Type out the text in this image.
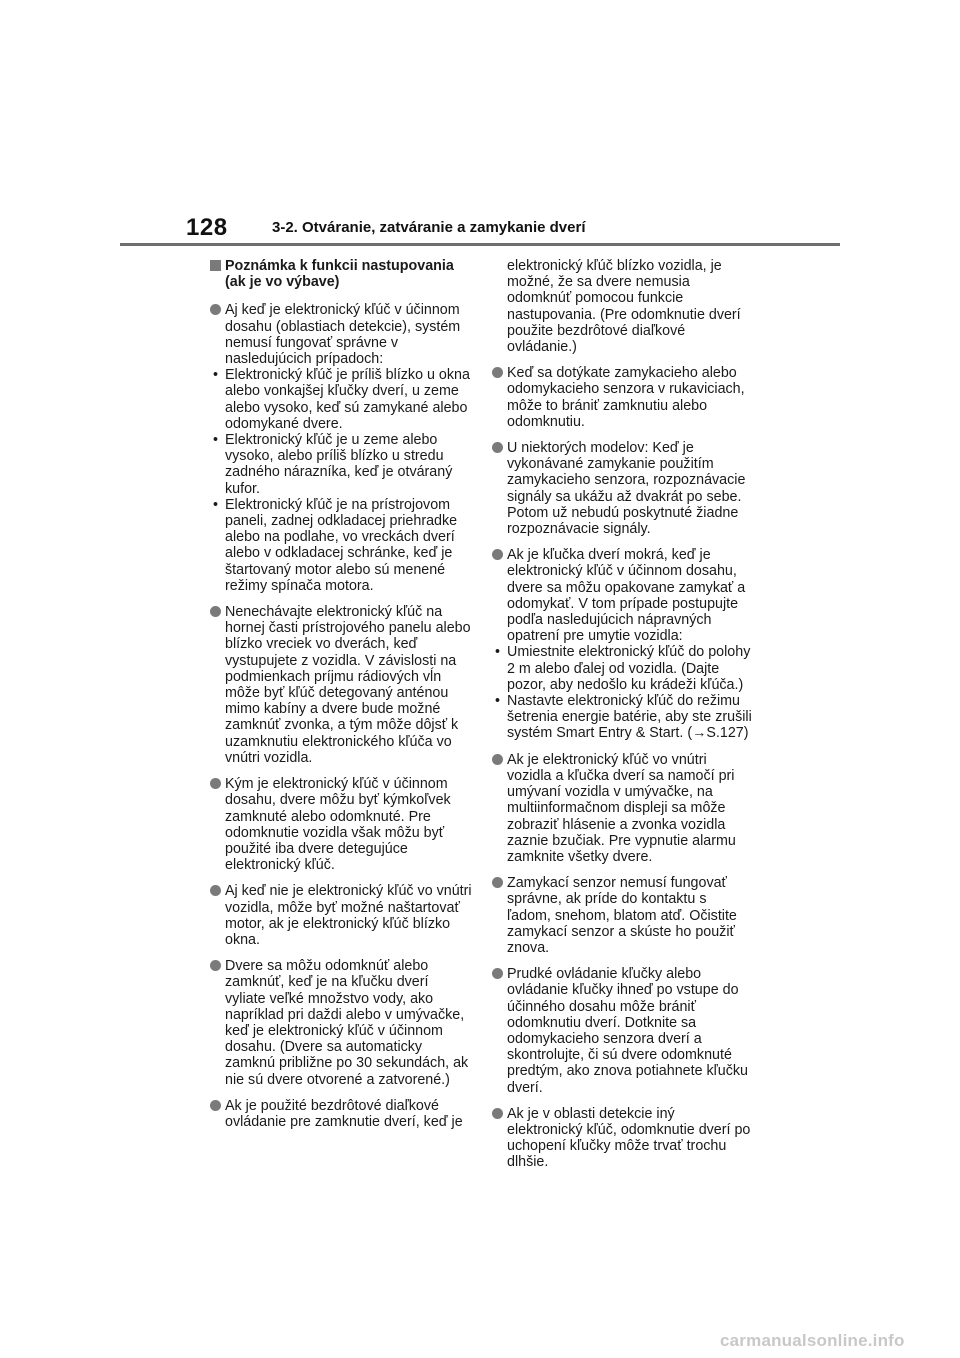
128	3-2. Otváranie, zatváranie a zamykanie dverí
Poznámka k funkcii nastupovania (ak je vo výbave)
Aj keď je elektronický kľúč v účinnom dosahu (oblastiach detekcie), systém nemusí fungovať správne v nasledujúcich prípadoch:
• Elektronický kľúč je príliš blízko u okna alebo vonkajšej kľučky dverí, u zeme alebo vysoko, keď sú zamykané alebo odomykané dvere.
• Elektronický kľúč je u zeme alebo vysoko, alebo príliš blízko u stredu zadného nárazníka, keď je otváraný kufor.
• Elektronický kľúč je na prístrojovom paneli, zadnej odkladacej priehradke alebo na podlahe, vo vreckách dverí alebo v odkladacej schránke, keď je štartovaný motor alebo sú menené režimy spínača motora.
Nenechávajte elektronický kľúč na hornej časti prístrojového panelu alebo blízko vreciek vo dverách, keď vystupujete z vozidla. V závislosti na podmienkach príjmu rádiových vĺn môže byť kľúč detegovaný anténou mimo kabíny a dvere bude možné zamknúť zvonka, a tým môže dôjsť k uzamknutiu elektronického kľúča vo vnútri vozidla.
Kým je elektronický kľúč v účinnom dosahu, dvere môžu byť kýmkoľvek zamknuté alebo odomknuté. Pre odomknutie vozidla však môžu byť použité iba dvere detegujúce elektronický kľúč.
Aj keď nie je elektronický kľúč vo vnútri vozidla, môže byť možné naštartovať motor, ak je elektronický kľúč blízko okna.
Dvere sa môžu odomknúť alebo zamknúť, keď je na kľučku dverí vyliate veľké množstvo vody, ako napríklad pri daždi alebo v umývačke, keď je elektronický kľúč v účinnom dosahu. (Dvere sa automaticky zamknú približne po 30 sekundách, ak nie sú dvere otvorené a zatvorené.)
Ak je použité bezdrôtové diaľkové ovládanie pre zamknutie dverí, keď je
elektronický kľúč blízko vozidla, je možné, že sa dvere nemusia odomknúť pomocou funkcie nastupovania. (Pre odomknutie dverí použite bezdrôtové diaľkové ovládanie.)
Keď sa dotýkate zamykacieho alebo odomykacieho senzora v rukaviciach, môže to brániť zamknutiu alebo odomknutiu.
U niektorých modelov: Keď je vykonávané zamykanie použitím zamykacieho senzora, rozpoznávacie signály sa ukážu až dvakrát po sebe. Potom už nebudú poskytnuté žiadne rozpoznávacie signály.
Ak je kľučka dverí mokrá, keď je elektronický kľúč v účinnom dosahu, dvere sa môžu opakovane zamykať a odomykať. V tom prípade postupujte podľa nasledujúcich nápravných opatrení pre umytie vozidla:
• Umiestnite elektronický kľúč do polohy 2 m alebo ďalej od vozidla. (Dajte pozor, aby nedošlo ku krádeži kľúča.)
• Nastavte elektronický kľúč do režimu šetrenia energie batérie, aby ste zrušili systém Smart Entry & Start. (→S.127)
Ak je elektronický kľúč vo vnútri vozidla a kľučka dverí sa namočí pri umývaní vozidla v umývačke, na multiinformačnom displeji sa môže zobraziť hlásenie a zvonka vozidla zaznie bzučiak. Pre vypnutie alarmu zamknite všetky dvere.
Zamykací senzor nemusí fungovať správne, ak príde do kontaktu s ľadom, snehom, blatom atď. Očistite zamykací senzor a skúste ho použiť znova.
Prudké ovládanie kľučky alebo ovládanie kľučky ihneď po vstupe do účinného dosahu môže brániť odomknutiu dverí. Dotknite sa odomykacieho senzora dverí a skontrolujte, či sú dvere odomknuté predtým, ako znova potiahnete kľučku dverí.
Ak je v oblasti detekcie iný elektronický kľúč, odomknutie dverí po uchopení kľučky môže trvať trochu dlhšie.
carmanualsonline.info
